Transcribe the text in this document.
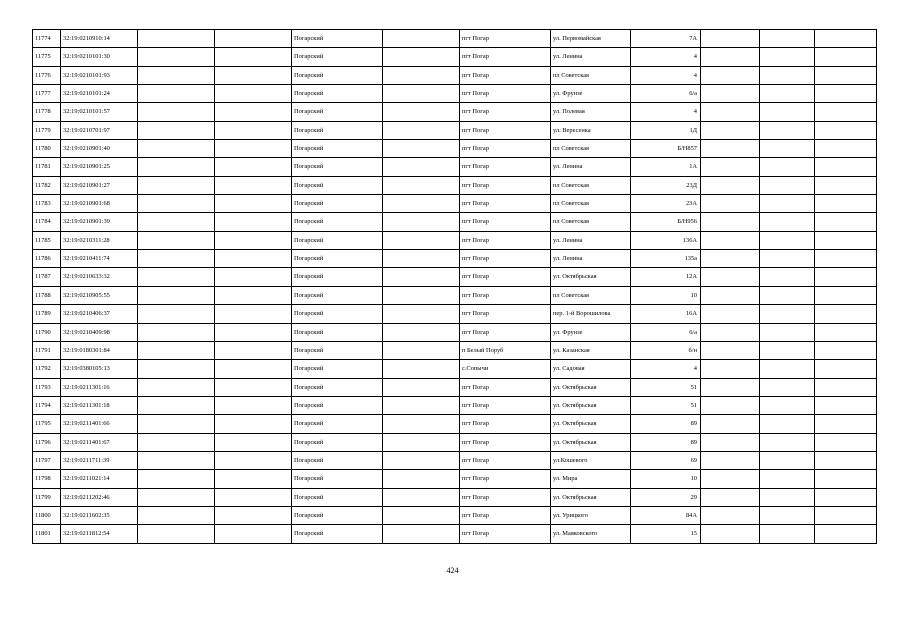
11774	32:19:0210910:14			Погарский		пгт Погар	ул. Первомайская	7А			
11775	32:19:0210101:30			Погарский		пгт Погар	ул. Ленина	4			
11776	32:19:0210101:93			Погарский		пгт Погар	пл Советская	4			
11777	32:19:0210101:24			Погарский		пгт Погар	ул. Фрунзе	6/а			
11778	32:19:0210101:57			Погарский		пгт Погар	ул. Полевая	4			
11779	32:19:0210701:97			Погарский		пгт Погар	ул. Вересенка	1Д			
11780	32:19:0210901:40			Погарский		пгт Погар	пл Советская	Б/Н857			
11781	32:19:0210901:25			Погарский		пгт Погар	ул. Ленина	1А			
11782	32:19:0210901:27			Погарский		пгт Погар	пл Советская	23Д			
11783	32:19:0210901:68			Погарский		пгт Погар	пл Советская	23А			
11784	32:19:0210901:39			Погарский		пгт Погар	пл Советская	Б/Н956			
11785	32:19:0210311:28			Погарский		пгт Погар	ул. Ленина	136А			
11786	32:19:0210411:74			Погарский		пгт Погар	ул. Ленина	135а			
11787	32:19:0210633:32			Погарский		пгт Погар	ул. Октябрьская	12А			
11788	32:19:0210905:55			Погарский		пгт Погар	пл Советская	10			
11789	32:19:0210406:37			Погарский		пгт Погар	пер. 1-й Ворошилова	16А			
11790	32:19:0210409:98			Погарский		пгт Погар	ул. Фрунзе	6/а			
11791	32:19:0180301:84			Погарский		п Белый Поруб	ул. Казанская	б/н			
11792	32:19:0380105:13			Погарский		с.Сопычи	ул. Садовая	4			
11793	32:19:0211301:16			Погарский		пгт Погар	ул. Октябрьская	51			
11794	32:19:0211301:18			Погарский		пгт Погар	ул. Октябрьская	51			
11795	32:19:0211401:66			Погарский		пгт Погар	ул. Октябрьская	89			
11796	32:19:0211401:67			Погарский		пгт Погар	ул. Октябрьская	89			
11797	32:19:0211711:39			Погарский		пгт Погар	ул.Кошевого	69			
11798	32:19:0211021:14			Погарский		пгт Погар	ул. Мира	10			
11799	32:19:0211202:46			Погарский		пгт Погар	ул. Октябрьская	29			
11800	32:19:0211602:35			Погарский		пгт Погар	ул. Урицкого	84А			
11801	32:19:0211812:54			Погарский		пгт Погар	ул. Маяковского	15			
424
